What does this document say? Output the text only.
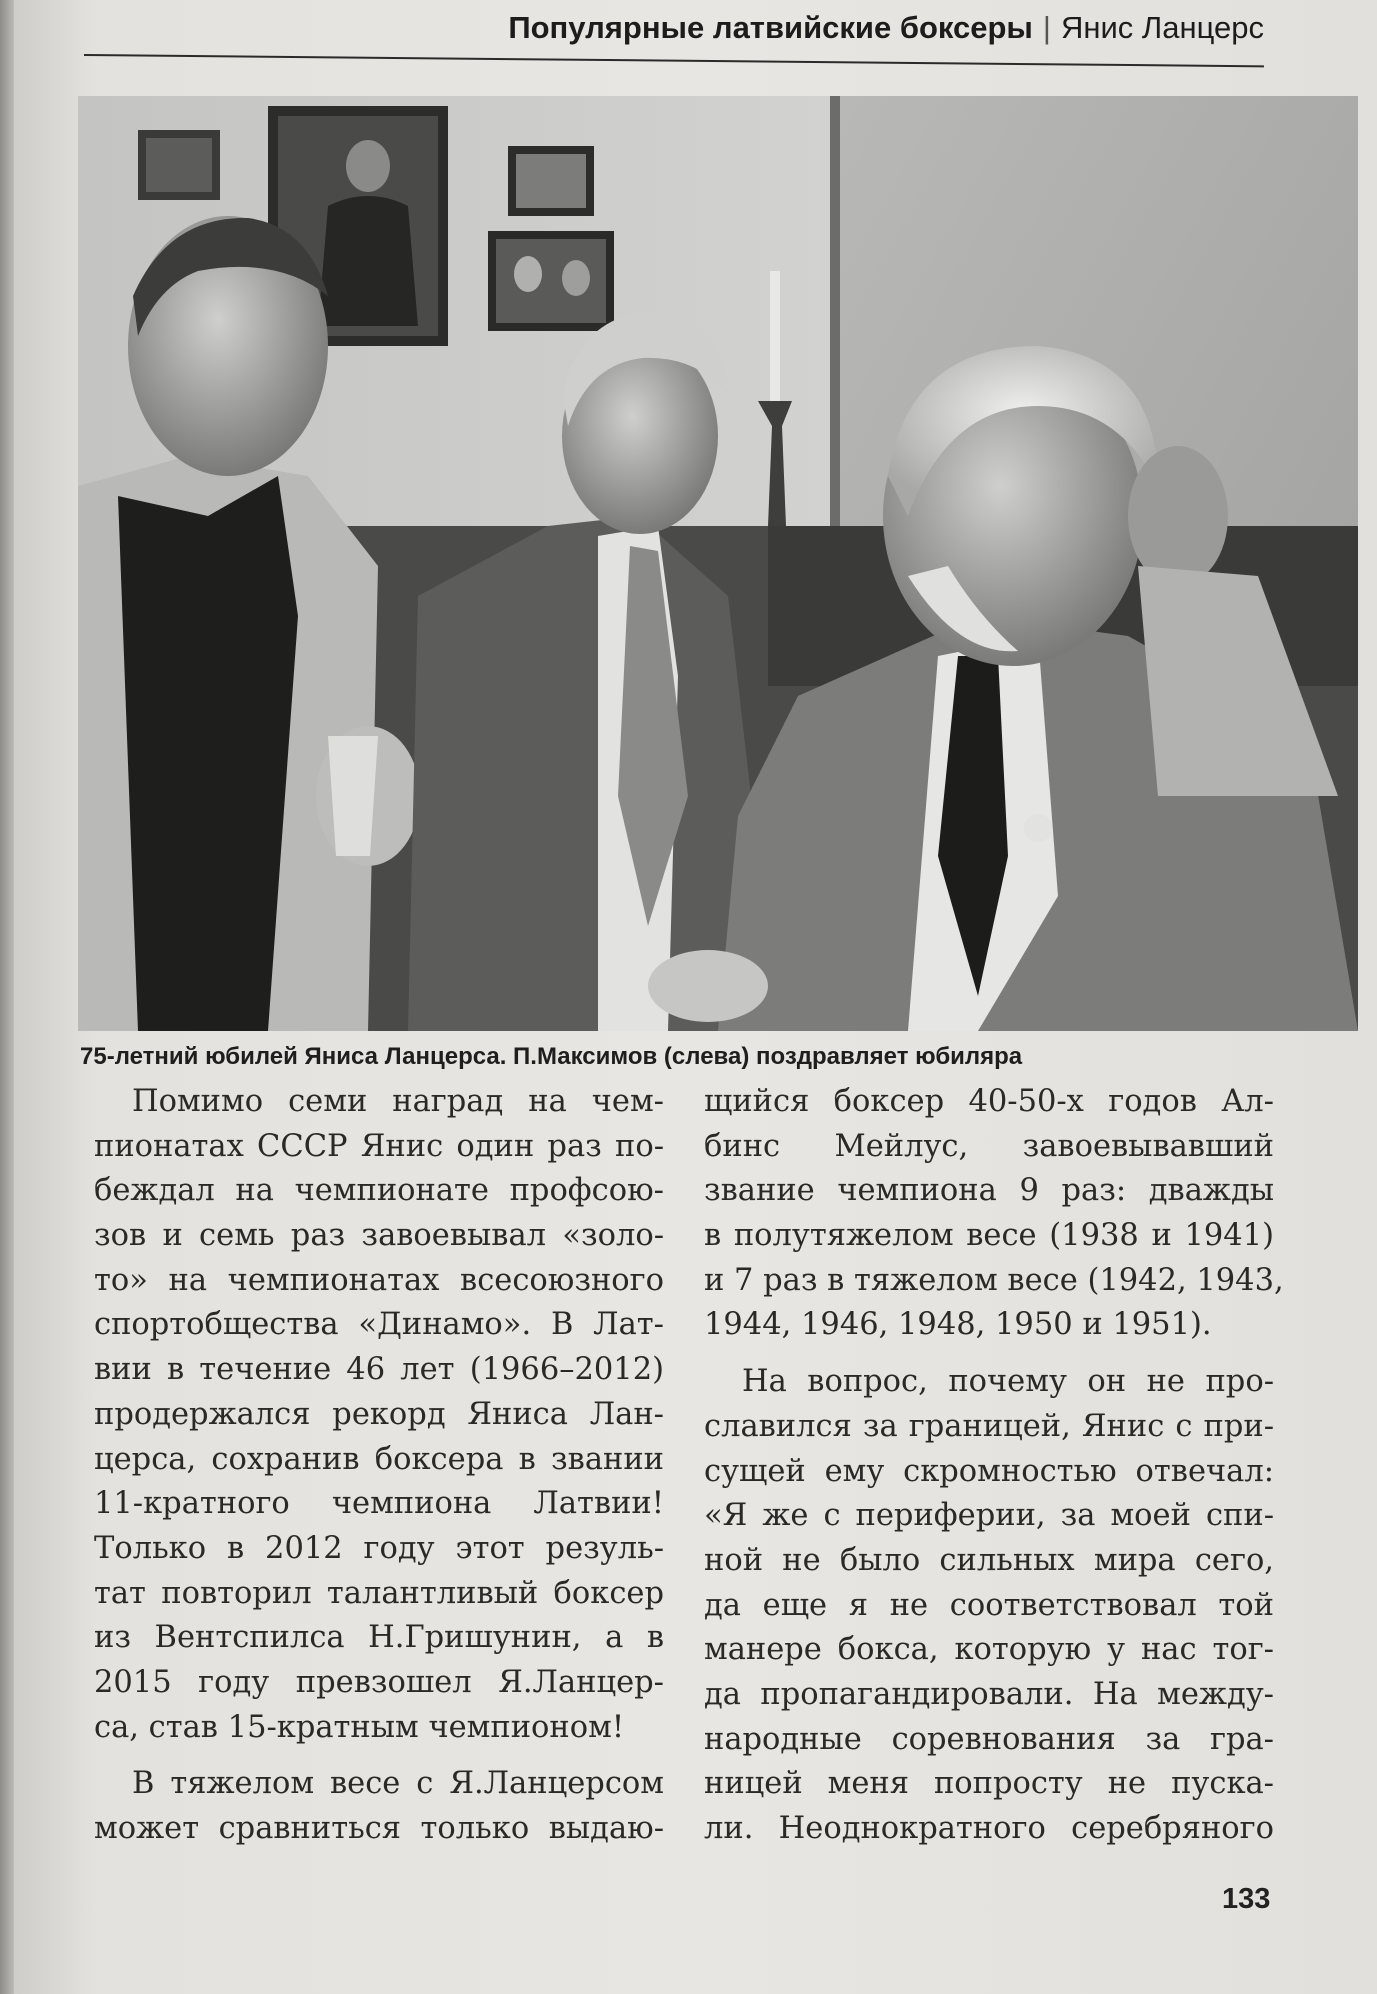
Популярные латвийские боксеры | Янис Ланцерс
75-летний юбилей Яниса Ланцерса. П.Максимов (слева) поздравляет юбиляра
Помимо семи наград на чем-
пионатах СССР Янис один раз по-
беждал на чемпионате профсою-
зов и семь раз завоевывал «золо-
то» на чемпионатах всесоюзного
спортобщества «Динамо». В Лат-
вии в течение 46 лет (1966–2012)
продержался рекорд Яниса Лан-
церса, сохранив боксера в звании
11-кратного чемпиона Латвии!
Только в 2012 году этот резуль-
тат повторил талантливый боксер
из Вентспилса Н.Гришунин, а в
2015 году превзошел Я.Ланцер-
са, став 15-кратным чемпионом!
В тяжелом весе с Я.Ланцерсом
может сравниться только выдаю-
щийся боксер 40-50-х годов Ал-
бинс Мейлус, завоевывавший
звание чемпиона 9 раз: дважды
в полутяжелом весе (1938 и 1941)
и 7 раз в тяжелом весе (1942, 1943,
1944, 1946, 1948, 1950 и 1951).
На вопрос, почему он не про-
славился за границей, Янис с при-
сущей ему скромностью отвечал:
«Я же с периферии, за моей спи-
ной не было сильных мира сего,
да еще я не соответствовал той
манере бокса, которую у нас тог-
да пропагандировали. На между-
народные соревнования за гра-
ницей меня попросту не пуска-
ли. Неоднократного серебряного
133
